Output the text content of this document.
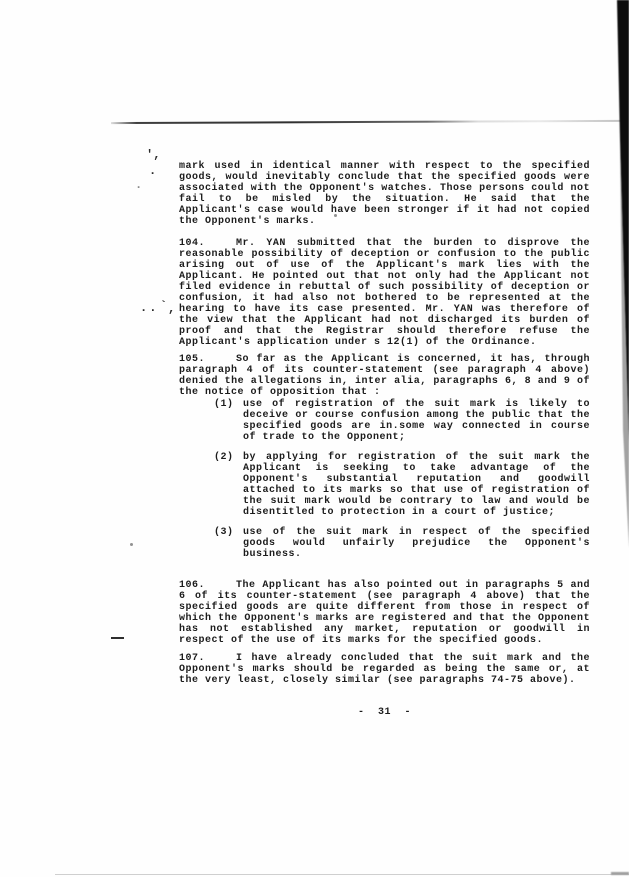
',
.
.
.. ` ,

mark used in identical manner with respect to the specified goods, would inevitably conclude that the specified goods were associated with the Opponent's watches. Those persons could not fail to be misled by the situation. He said that the Applicant's case would have been stronger if it had not copied the Opponent's marks.

104.	Mr. YAN submitted that the burden to disprove the reasonable possibility of deception or confusion to the public arising out of use of the Applicant's mark lies with the Applicant. He pointed out that not only had the Applicant not filed evidence in rebuttal of such possibility of deception or confusion, it had also not bothered to be represented at the hearing to have its case presented. Mr. YAN was therefore of the view that the Applicant had not discharged its burden of proof and that the Registrar should therefore refuse the Applicant's application under s 12(1) of the Ordinance.

105.	So far as the Applicant is concerned, it has, through paragraph 4 of its counter-statement (see paragraph 4 above) denied the allegations in, inter alia, paragraphs 6, 8 and 9 of the notice of opposition that :

(1) use of registration of the suit mark is likely to deceive or course confusion among the public that the specified goods are in.some way connected in course of trade to the Opponent;
(2) by applying for registration of the suit mark the Applicant is seeking to take advantage of the Opponent's substantial reputation and goodwill attached to its marks so that use of registration of the suit mark would be contrary to law and would be disentitled to protection in a court of justice;
(3) use of the suit mark in respect of the specified goods would unfairly prejudice the Opponent's business.

106.	The Applicant has also pointed out in paragraphs 5 and 6 of its counter-statement (see paragraph 4 above) that the specified goods are quite different from those in respect of which the Opponent's marks are registered and that the Opponent has not established any market, reputation or goodwill in respect of the use of its marks for the specified goods.

107.	I have already concluded that the suit mark and the Opponent's marks should be regarded as being the same or, at the very least, closely similar (see paragraphs 74-75 above).

- 31 -
